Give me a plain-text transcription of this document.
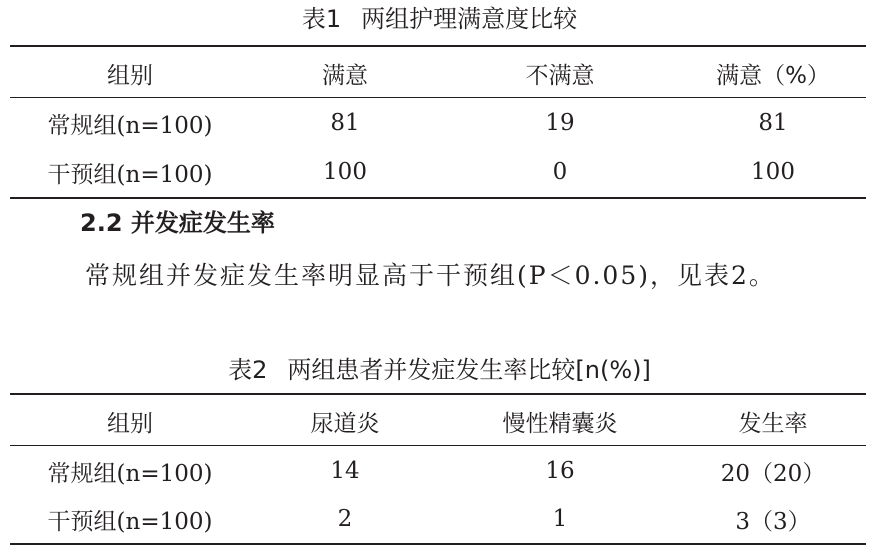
表1 两组护理满意度比较
组别	满意	不满意	满意（%）
常规组(n=100)	81	19	81
干预组(n=100)	100	0	100
2.2 并发症发生率
常规组并发症发生率明显高于干预组(P＜0.05)，见表2。
表2 两组患者并发症发生率比较[n(%)]
组别	尿道炎	慢性精囊炎	发生率
常规组(n=100)	14	16	20（20）
干预组(n=100)	2	1	3（3）
